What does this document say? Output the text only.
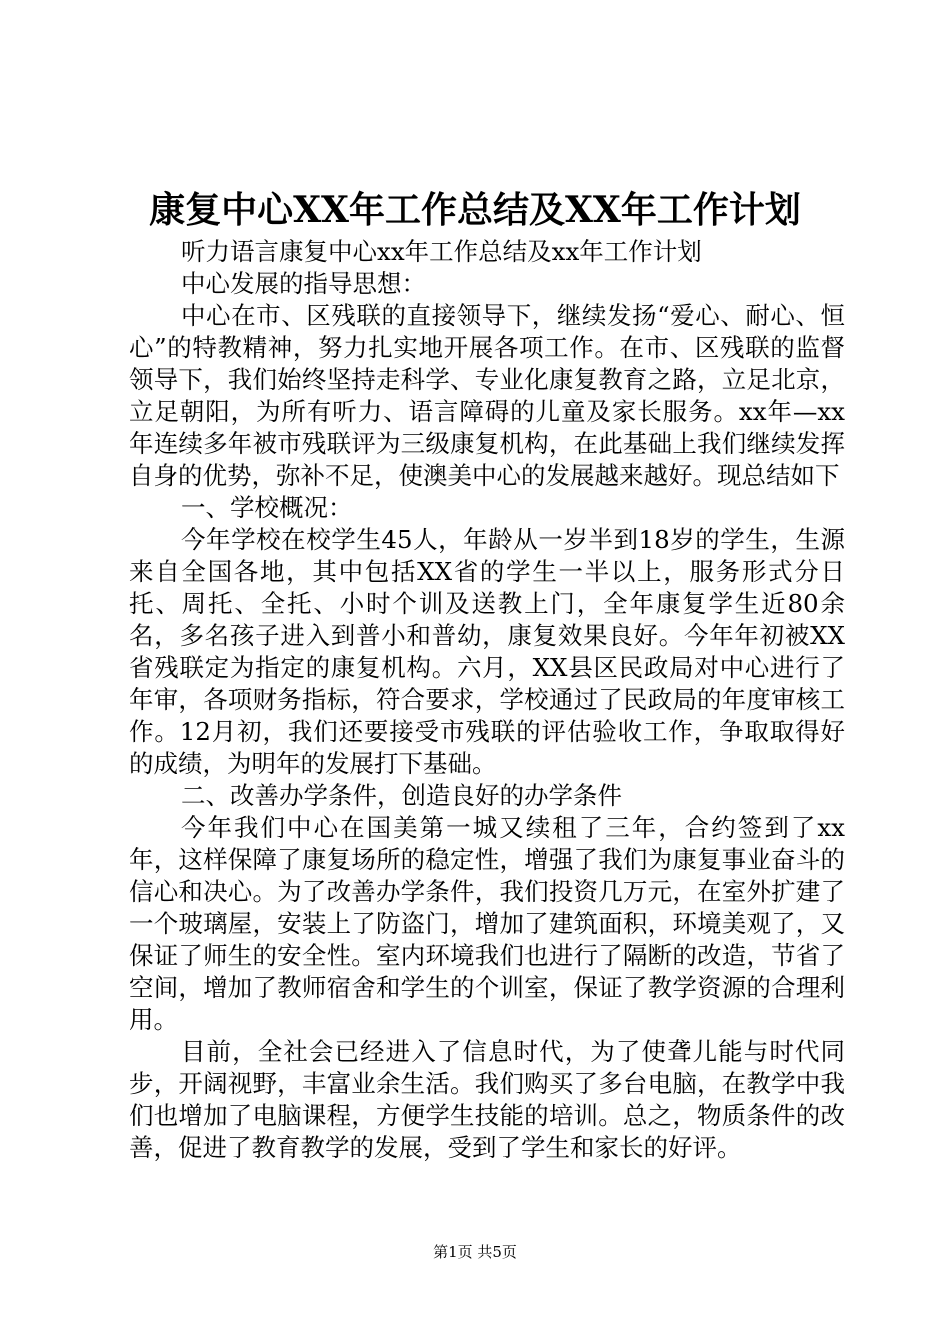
康复中心XX年工作总结及XX年工作计划

听力语言康复中心xx年工作总结及xx年工作计划

中心发展的指导思想：

中心在市、区残联的直接领导下，继续发扬“爱心、耐心、恒心”的特教精神，努力扎实地开展各项工作。在市、区残联的监督领导下，我们始终坚持走科学、专业化康复教育之路，立足北京，立足朝阳，为所有听力、语言障碍的儿童及家长服务。xx年—xx年连续多年被市残联评为三级康复机构，在此基础上我们继续发挥自身的优势，弥补不足，使澳美中心的发展越来越好。现总结如下

一、学校概况：

今年学校在校学生45人，年龄从一岁半到18岁的学生，生源来自全国各地，其中包括XX省的学生一半以上，服务形式分日托、周托、全托、小时个训及送教上门，全年康复学生近80余名，多名孩子进入到普小和普幼，康复效果良好。今年年初被XX省残联定为指定的康复机构。六月，XX县区民政局对中心进行了年审，各项财务指标，符合要求，学校通过了民政局的年度审核工作。12月初，我们还要接受市残联的评估验收工作，争取取得好的成绩，为明年的发展打下基础。

二、改善办学条件，创造良好的办学条件

今年我们中心在国美第一城又续租了三年，合约签到了xx年，这样保障了康复场所的稳定性，增强了我们为康复事业奋斗的信心和决心。为了改善办学条件，我们投资几万元，在室外扩建了一个玻璃屋，安装上了防盗门，增加了建筑面积，环境美观了，又保证了师生的安全性。室内环境我们也进行了隔断的改造，节省了空间，增加了教师宿舍和学生的个训室，保证了教学资源的合理利用。

目前，全社会已经进入了信息时代，为了使聋儿能与时代同步，开阔视野，丰富业余生活。我们购买了多台电脑，在教学中我们也增加了电脑课程，方便学生技能的培训。总之，物质条件的改善，促进了教育教学的发展，受到了学生和家长的好评。

第1页 共5页
